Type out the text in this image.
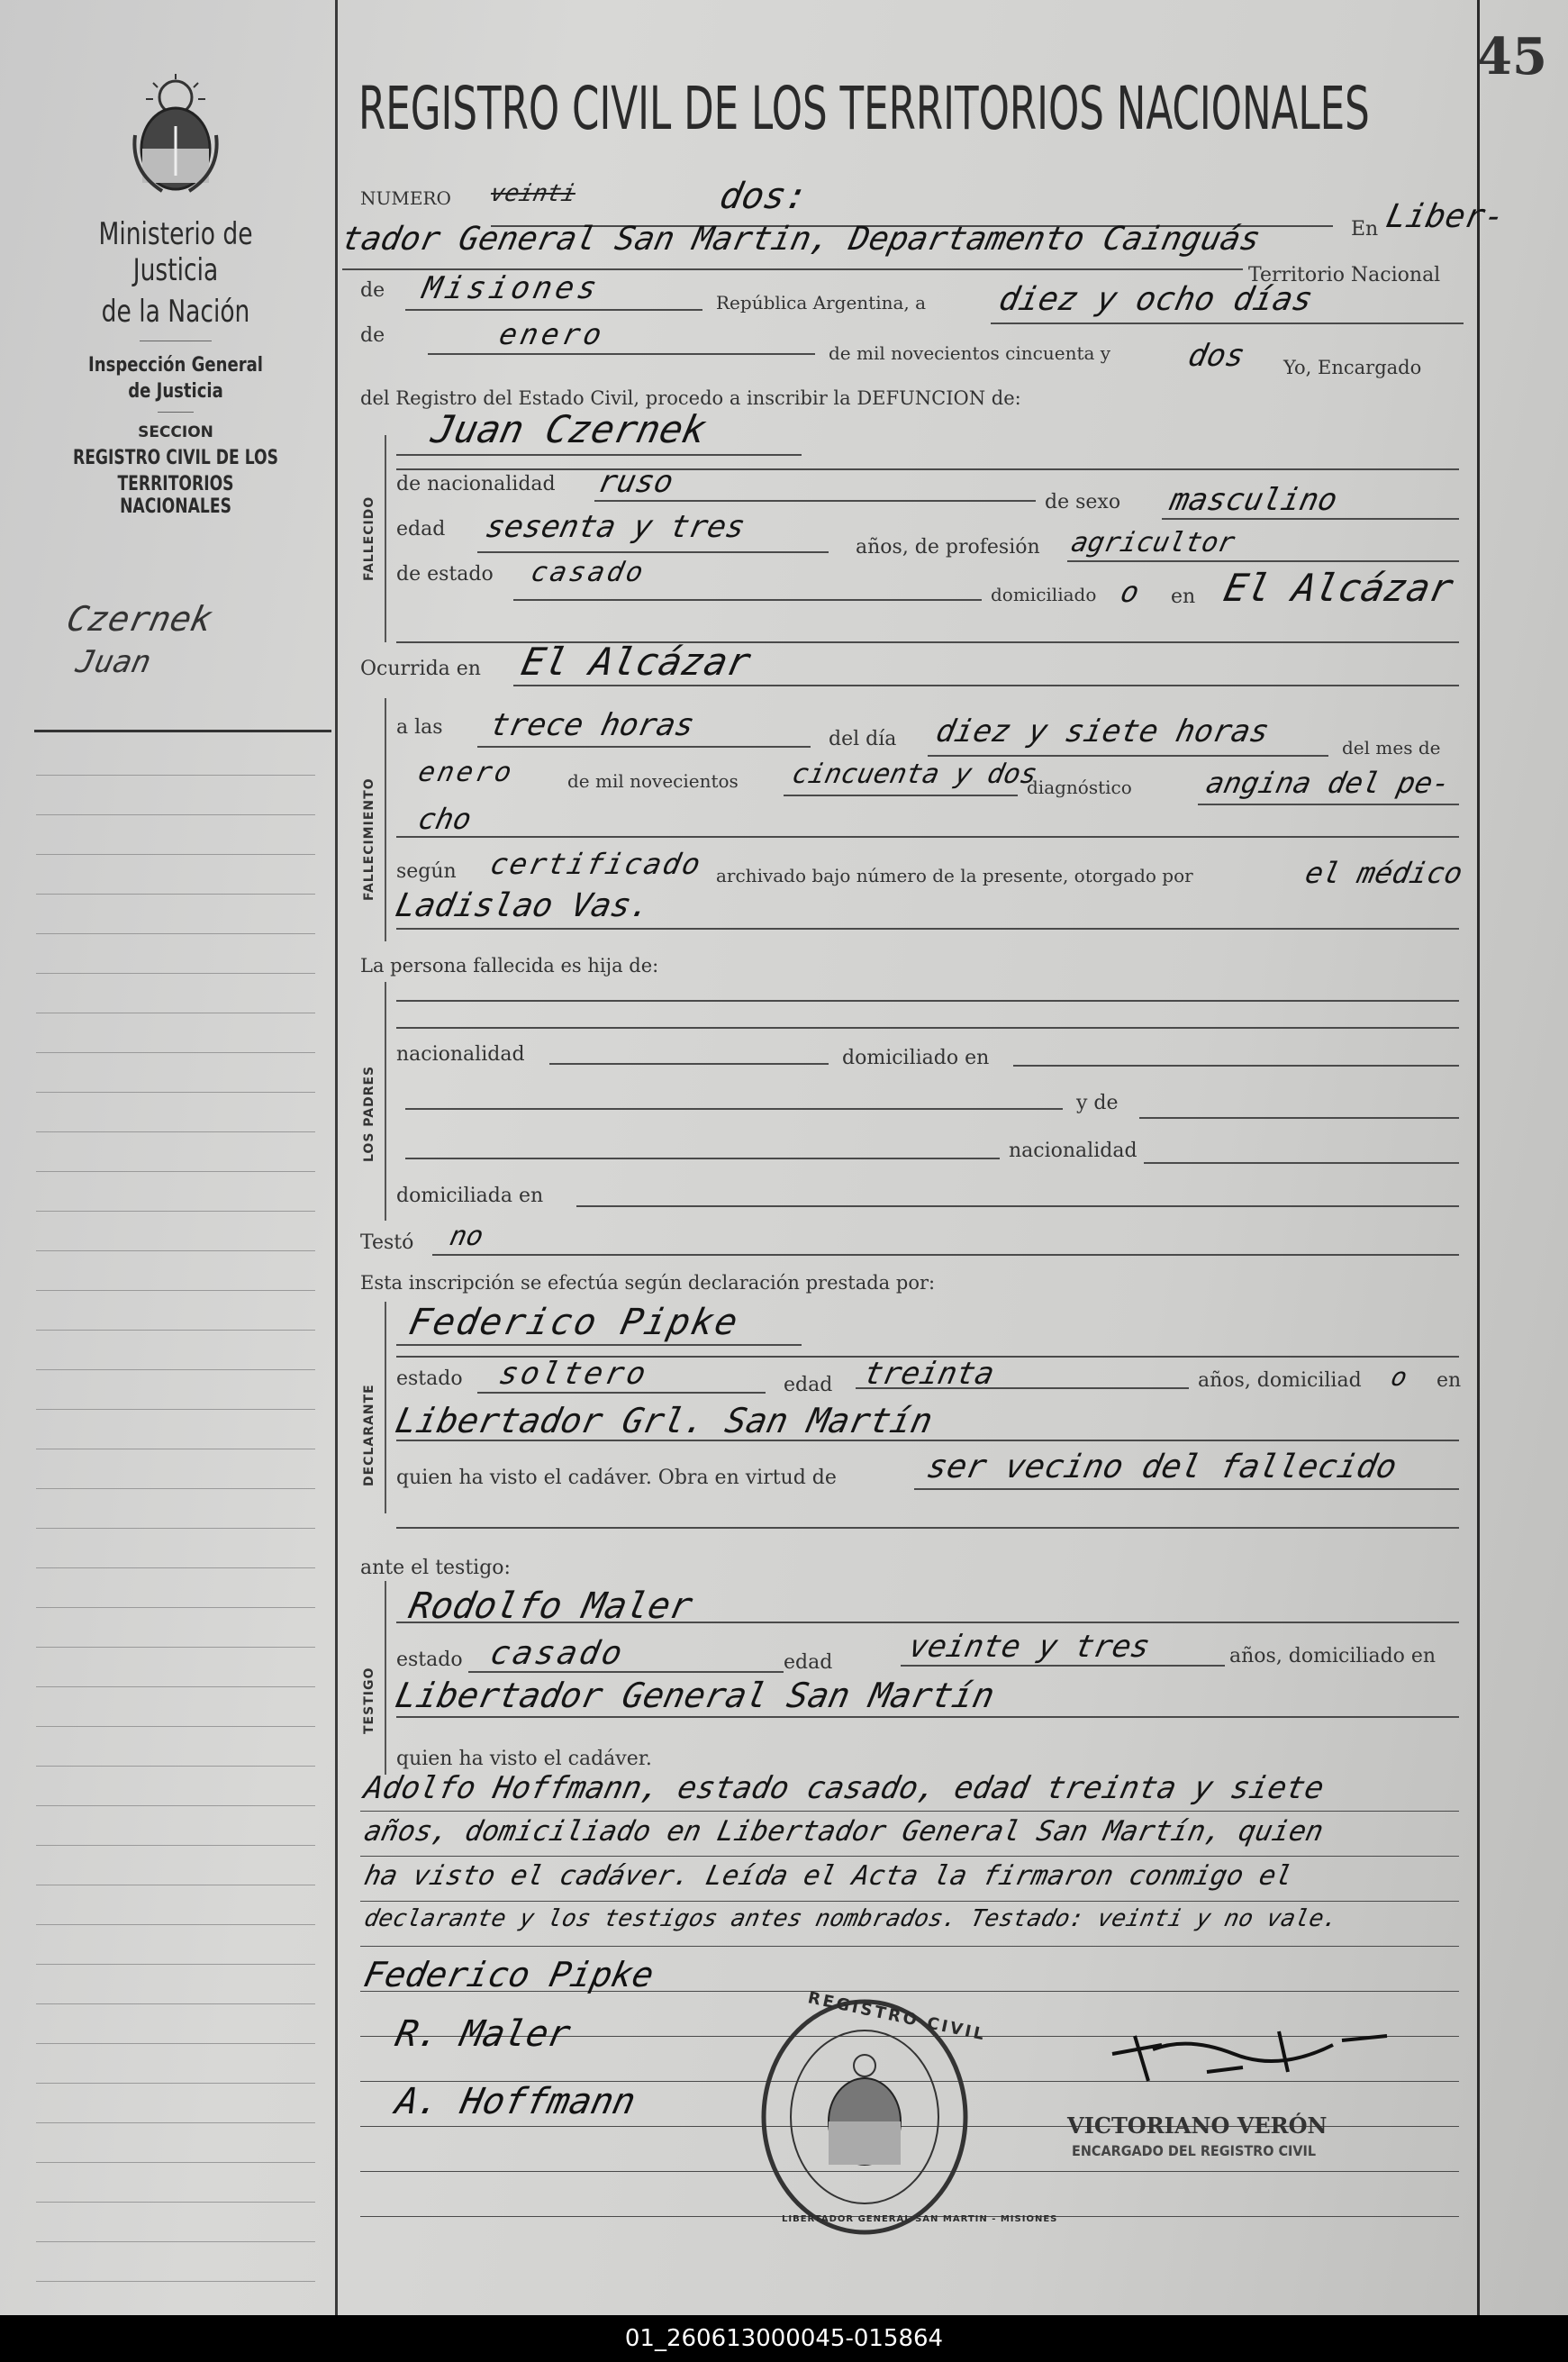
Ministerio de Justicia
de la Nación
Inspección General
de Justicia
SECCION
REGISTRO CIVIL DE LOS
TERRITORIOS NACIONALES
Czernek
Juan
45
REGISTRO CIVIL DE LOS TERRITORIOS NACIONALES
NUMERO veinti	dos:
En Liber-
tador General San Martin, Departamento Cainguás
Territorio Nacional
de Misiones	República Argentina, a diez y ocho días
de	enero
de mil novecientos cincuenta y dos Yo, Encargado
del Registro del Estado Civil, procedo a inscribir la DEFUNCION de:
FALLECIDO
Juan Czernek
de nacionalidad ruso
de sexo masculino
edad sesenta y tres
años, de profesión agricultor
de estado casado
domiciliado o en El Alcázar
Ocurrida en El Alcázar
FALLECIMIENTO
a las trece horas	del día diez y siete horas	del mes de
enero	de mil novecientos cincuenta y dos
diagnóstico angina del pe-
cho
según certificado archivado bajo número de la presente, otorgado por	el médico
Ladislao Vas.
La persona fallecida es hija de:
LOS PADRES
nacionalidad	domiciliado en
y de
nacionalidad
domiciliada en
Testó no
Esta inscripción se efectúa según declaración prestada por:
DECLARANTE
Federico Pipke
estado soltero	edad treinta	años, domiciliad o en
Libertador Grl. San Martín
quien ha visto el cadáver. Obra en virtud de	ser vecino del fallecido
ante el testigo:
TESTIGO
Rodolfo Maler
estado casado	edad veinte y tres	años, domiciliado en
Libertador General San Martín
quien ha visto el cadáver.
Adolfo Hoffmann, estado casado, edad treinta y siete
años, domiciliado en Libertador General San Martín, quien
ha visto el cadáver. Leída el Acta la firmaron conmigo el
declarante y los testigos antes nombrados. Testado: veinti y no vale.
Federico Pipke
R. Maler
A. Hoffmann
REGISTRO CIVIL
LIBERTADOR GENERAL SAN MARTIN - MISIONES
VICTORIANO VERÓN
ENCARGADO DEL REGISTRO CIVIL
01_260613000045-015864
